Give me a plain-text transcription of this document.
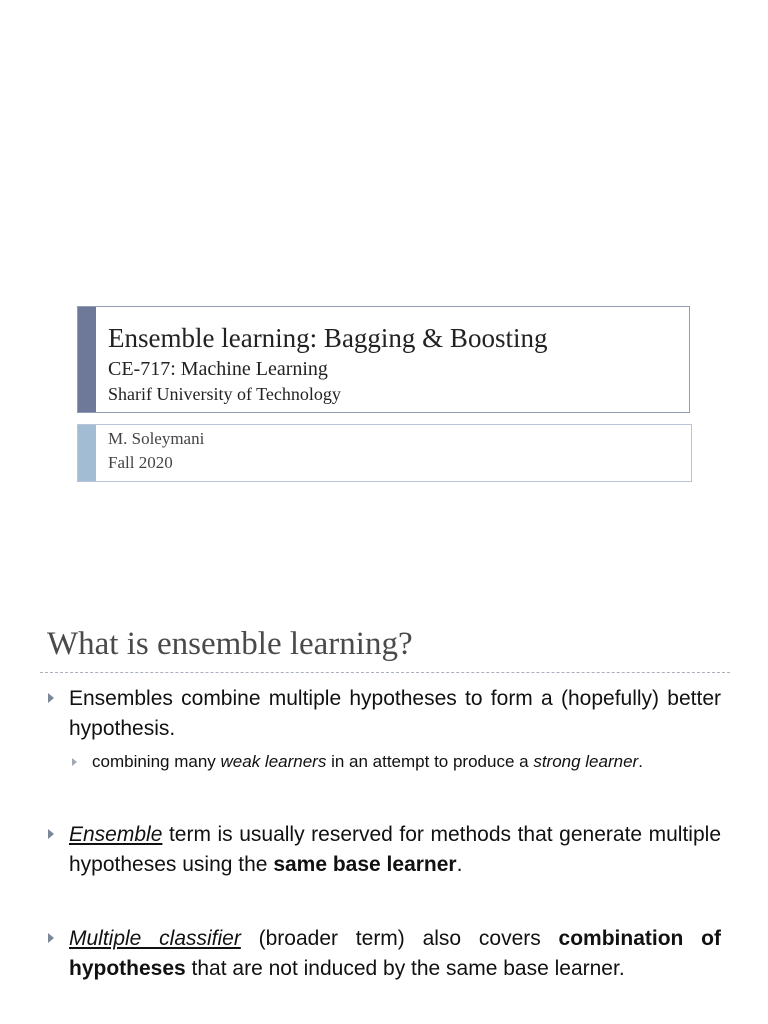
Ensemble learning: Bagging & Boosting
CE-717: Machine Learning
Sharif University of Technology
M. Soleymani
Fall 2020
What is ensemble learning?
Ensembles combine multiple hypotheses to form a (hopefully) better hypothesis.
combining many weak learners in an attempt to produce a strong learner.
Ensemble term is usually reserved for methods that generate multiple hypotheses using the same base learner.
Multiple classifier (broader term) also covers combination of hypotheses that are not induced by the same base learner.
